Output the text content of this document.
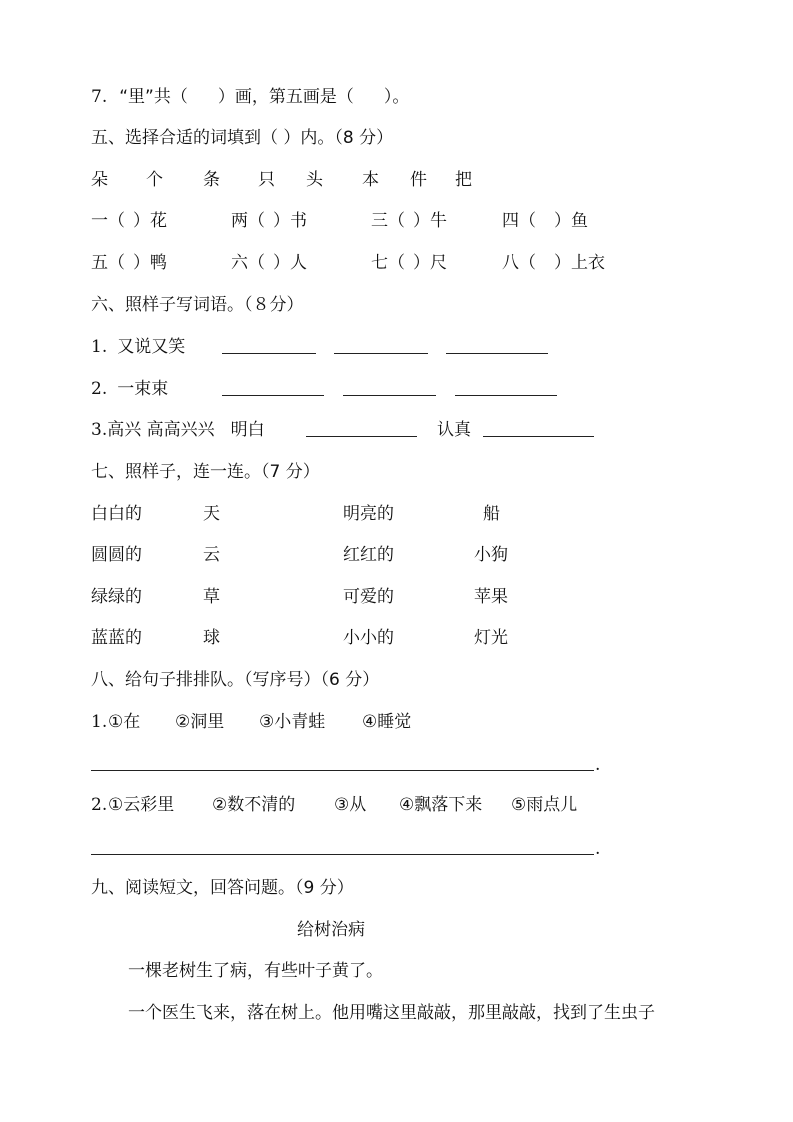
7. “里”共（ ）画，第五画是（ ）。
五、选择合适的词填到（ ）内。（8 分）
朵 个 条 只 头 本 件 把
一（ ）花	两（ ）书	三（ ）牛	四（ ）鱼
五（ ）鸭	六（ ）人	七（ ）尺	八（ ）上衣
六、照样子写词语。（８分）
1. 又说又笑
2. 一束束
3.高兴 高高兴兴 明白	认真
七、照样子，连一连。（7 分）
白白的	天	明亮的	船
圆圆的	云	红红的	小狗
绿绿的	草	可爱的	苹果
蓝蓝的	球	小小的	灯光
八、给句子排排队。（写序号）（6 分）
1. ①在 ②洞里 ③小青蛙 ④睡觉
.
2. ①云彩里 ②数不清的 ③从 ④飘落下来 ⑤雨点儿
.
九、阅读短文，回答问题。（9 分）
给树治病
一棵老树生了病，有些叶子黄了。
一个医生飞来，落在树上。他用嘴这里敲敲，那里敲敲，找到了生虫子
